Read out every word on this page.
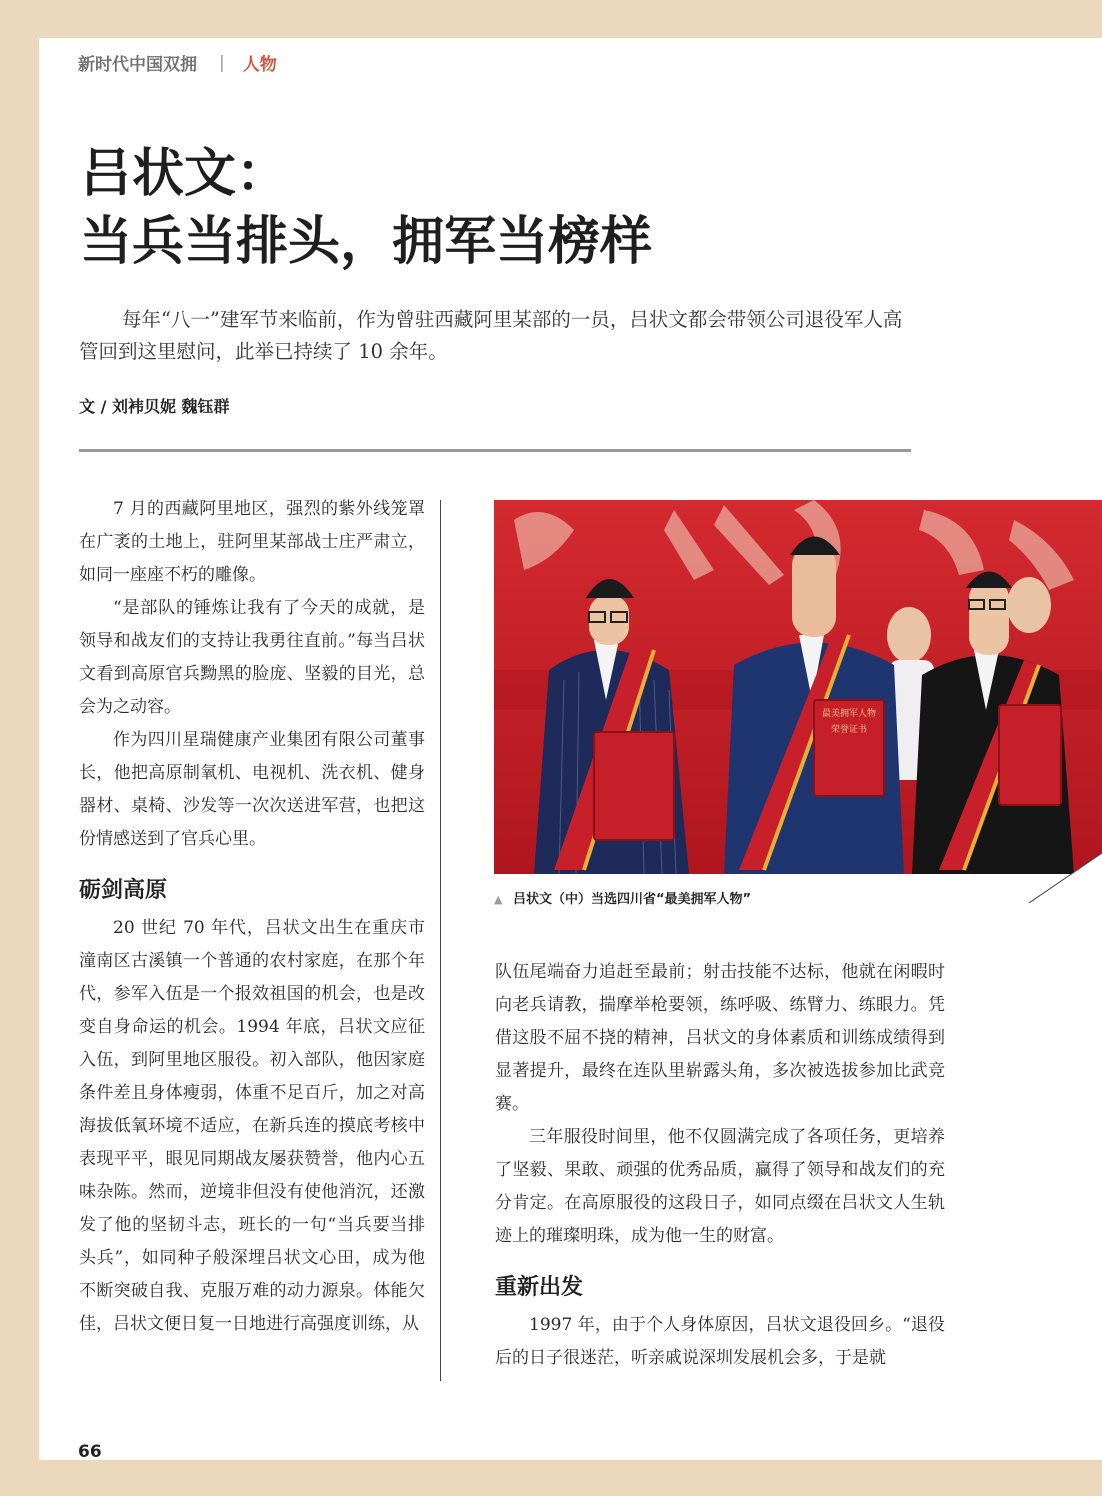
新时代中国双拥 | 人物
吕状文：
当兵当排头，拥军当榜样

每年“八一”建军节来临前，作为曾驻西藏阿里某部的一员，吕状文都会带领公司退役军人高管回到这里慰问，此举已持续了 10 余年。

文 / 刘袆贝妮 魏钰群

7 月的西藏阿里地区，强烈的紫外线笼罩在广袤的土地上，驻阿里某部战士庄严肃立，如同一座座不朽的雕像。

“是部队的锤炼让我有了今天的成就，是领导和战友们的支持让我勇往直前。”每当吕状文看到高原官兵黝黑的脸庞、坚毅的目光，总会为之动容。

作为四川星瑞健康产业集团有限公司董事长，他把高原制氧机、电视机、洗衣机、健身器材、桌椅、沙发等一次次送进军营，也把这份情感送到了官兵心里。

砺剑高原

20 世纪 70 年代，吕状文出生在重庆市潼南区古溪镇一个普通的农村家庭，在那个年代，参军入伍是一个报效祖国的机会，也是改变自身命运的机会。1994 年底，吕状文应征入伍，到阿里地区服役。初入部队，他因家庭条件差且身体瘦弱，体重不足百斤，加之对高海拔低氧环境不适应，在新兵连的摸底考核中表现平平，眼见同期战友屡获赞誉，他内心五味杂陈。然而，逆境非但没有使他消沉，还激发了他的坚韧斗志，班长的一句“当兵要当排头兵”，如同种子般深埋吕状文心田，成为他不断突破自我、克服万难的动力源泉。体能欠佳，吕状文便日复一日地进行高强度训练，从

最美拥军人物
荣誉证书
▲ 吕状文（中）当选四川省“最美拥军人物”

队伍尾端奋力追赶至最前；射击技能不达标，他就在闲暇时向老兵请教，揣摩举枪要领，练呼吸、练臂力、练眼力。凭借这股不屈不挠的精神，吕状文的身体素质和训练成绩得到显著提升，最终在连队里崭露头角，多次被选拔参加比武竞赛。

三年服役时间里，他不仅圆满完成了各项任务，更培养了坚毅、果敢、顽强的优秀品质，赢得了领导和战友们的充分肯定。在高原服役的这段日子，如同点缀在吕状文人生轨迹上的璀璨明珠，成为他一生的财富。

重新出发

1997 年，由于个人身体原因，吕状文退役回乡。“退役后的日子很迷茫，听亲戚说深圳发展机会多，于是就

66
